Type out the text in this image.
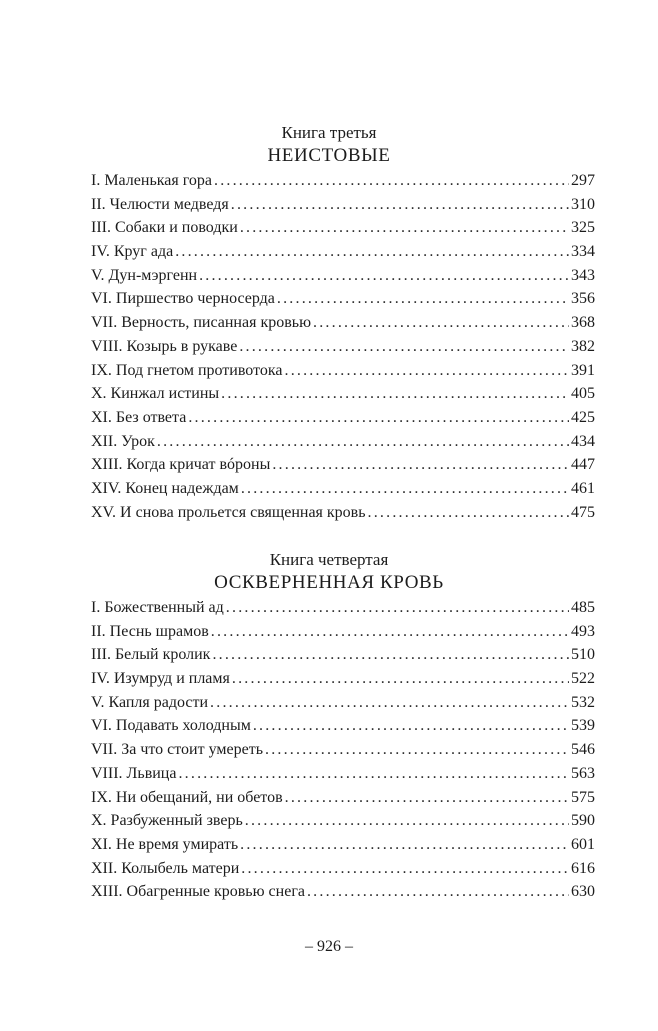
Книга третья
НЕИСТОВЫЕ
I. Маленькая гора .....	297
II. Челюсти медведя .....	310
III. Собаки и поводки .....	325
IV. Круг ада .....	334
V. Дун-мэргенн .....	343
VI. Пиршество черносерда .....	356
VII. Верность, писанная кровью .....	368
VIII. Козырь в рукаве .....	382
IX. Под гнетом противотока .....	391
X. Кинжал истины .....	405
XI. Без ответа .....	425
XII. Урок .....	434
XIII. Когда кричат вóроны .....	447
XIV. Конец надеждам .....	461
XV. И снова прольется священная кровь .....	475
Книга четвертая
ОСКВЕРНЕННАЯ КРОВЬ
I. Божественный ад .....	485
II. Песнь шрамов .....	493
III. Белый кролик .....	510
IV. Изумруд и пламя .....	522
V. Капля радости .....	532
VI. Подавать холодным .....	539
VII. За что стоит умереть .....	546
VIII. Львица .....	563
IX. Ни обещаний, ни обетов .....	575
X. Разбуженный зверь .....	590
XI. Не время умирать .....	601
XII. Колыбель матери .....	616
XIII. Обагренные кровью снега .....	630
– 926 –
